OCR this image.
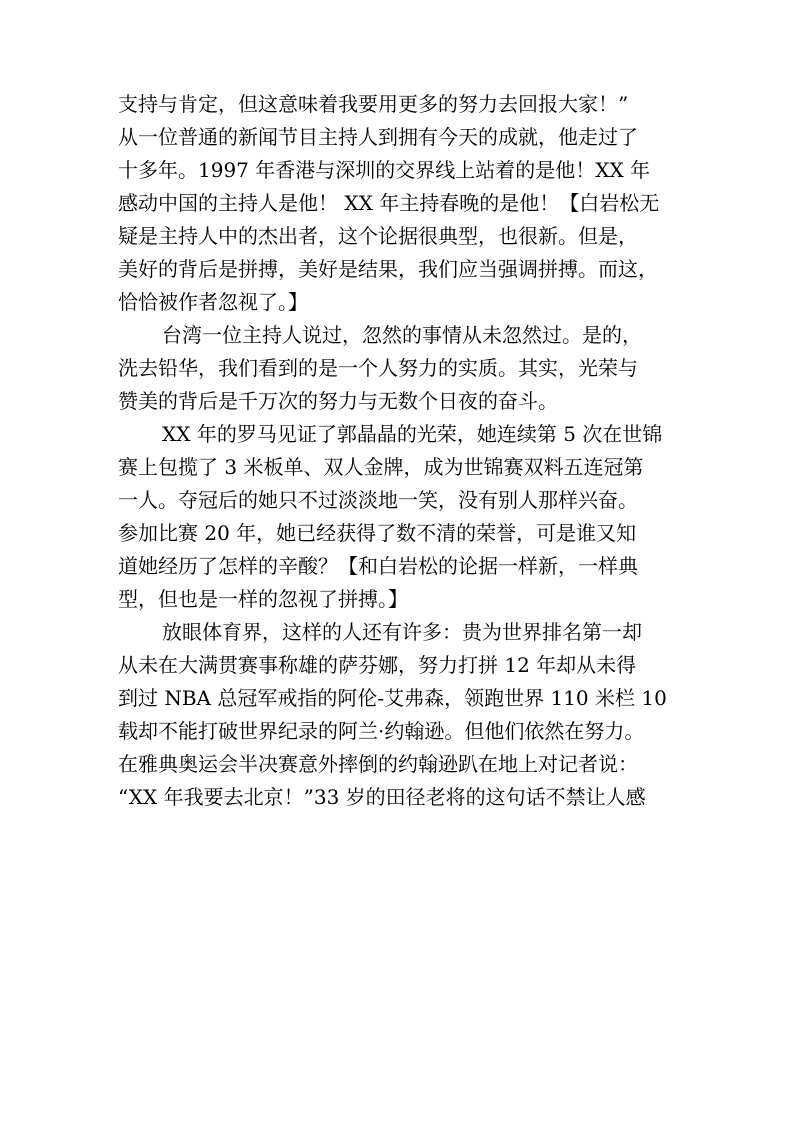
支持与肯定，但这意味着我要用更多的努力去回报大家！”
从一位普通的新闻节目主持人到拥有今天的成就，他走过了
十多年。1997 年香港与深圳的交界线上站着的是他！XX 年
感动中国的主持人是他！ XX 年主持春晚的是他！【白岩松无
疑是主持人中的杰出者，这个论据很典型，也很新。但是，
美好的背后是拼搏，美好是结果，我们应当强调拼搏。而这，
恰恰被作者忽视了。】
台湾一位主持人说过，忽然的事情从未忽然过。是的，
洗去铅华，我们看到的是一个人努力的实质。其实，光荣与
赞美的背后是千万次的努力与无数个日夜的奋斗。
XX 年的罗马见证了郭晶晶的光荣，她连续第 5 次在世锦
赛上包揽了 3 米板单、双人金牌，成为世锦赛双料五连冠第
一人。夺冠后的她只不过淡淡地一笑，没有别人那样兴奋。
参加比赛 20 年，她已经获得了数不清的荣誉，可是谁又知
道她经历了怎样的辛酸？【和白岩松的论据一样新，一样典
型，但也是一样的忽视了拼搏。】
放眼体育界，这样的人还有许多：贵为世界排名第一却
从未在大满贯赛事称雄的萨芬娜，努力打拼 12 年却从未得
到过 NBA 总冠军戒指的阿伦-艾弗森，领跑世界 110 米栏 10
载却不能打破世界纪录的阿兰·约翰逊。但他们依然在努力。
在雅典奥运会半决赛意外摔倒的约翰逊趴在地上对记者说：
“XX 年我要去北京！”33 岁的田径老将的这句话不禁让人感
